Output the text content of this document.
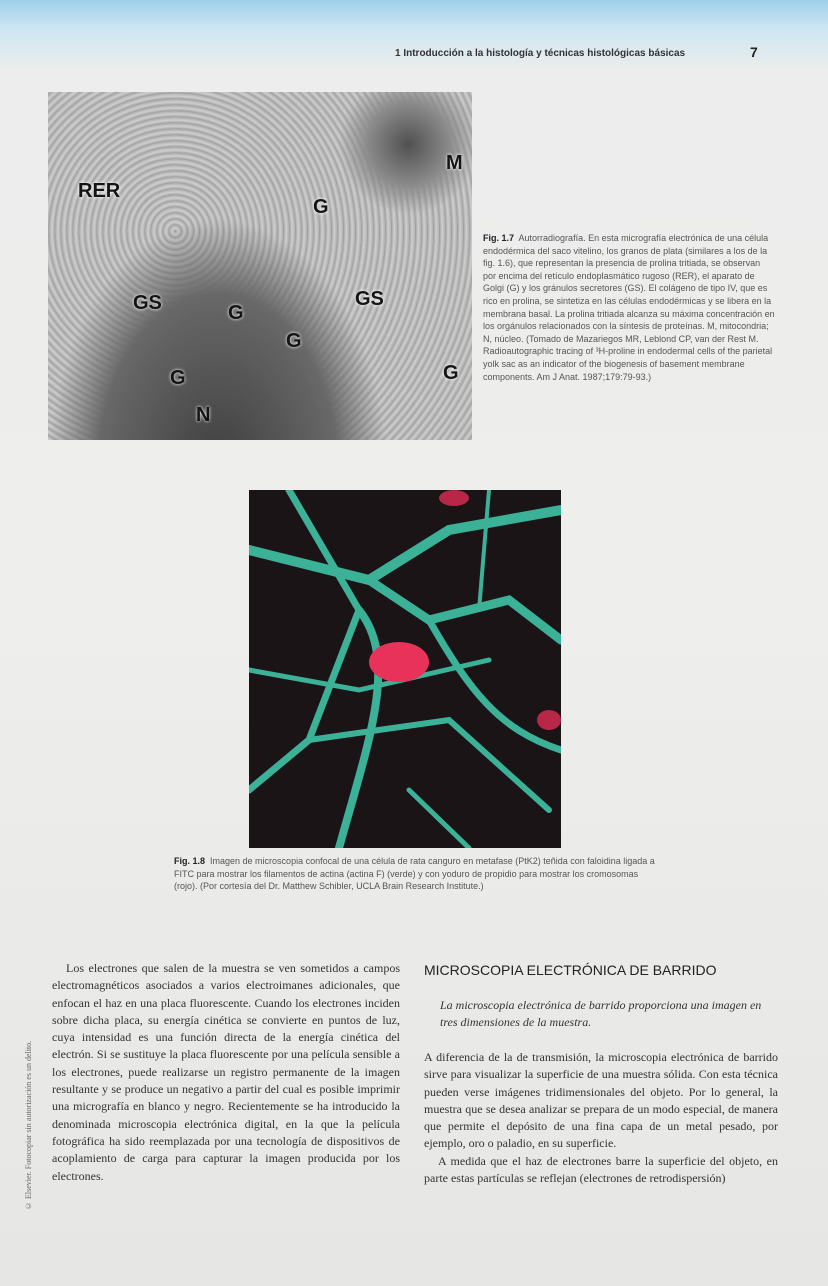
1 Introducción a la histología y técnicas histológicas básicas	7
RER
GS
G
G
GS
G
G
N
M
G
Fig. 1.7 Autorradiografía. En esta micrografía electrónica de una célula endodérmica del saco vitelino, los granos de plata (similares a los de la fig. 1.6), que representan la presencia de prolina tritiada, se observan por encima del retículo endoplasmático rugoso (RER), el aparato de Golgi (G) y los gránulos secretores (GS). El colágeno de tipo IV, que es rico en prolina, se sintetiza en las células endodérmicas y se libera en la membrana basal. La prolina tritiada alcanza su máxima concentración en los orgánulos relacionados con la síntesis de proteínas. M, mitocondria; N, núcleo. (Tomado de Mazariegos MR, Leblond CP, van der Rest M. Radioautographic tracing of ³H-proline in endodermal cells of the parietal yolk sac as an indicator of the biogenesis of basement membrane components. Am J Anat. 1987;179:79-93.)
Fig. 1.8 Imagen de microscopia confocal de una célula de rata canguro en metafase (PtK2) teñida con faloidina ligada a FITC para mostrar los filamentos de actina (actina F) (verde) y con yoduro de propidio para mostrar los cromosomas (rojo). (Por cortesía del Dr. Matthew Schibler, UCLA Brain Research Institute.)
© Elsevier. Fotocopiar sin autorización es un delito.
Los electrones que salen de la muestra se ven sometidos a campos electromagnéticos asociados a varios electroimanes adicionales, que enfocan el haz en una placa fluorescente. Cuando los electrones inciden sobre dicha placa, su energía cinética se convierte en puntos de luz, cuya intensidad es una función directa de la energía cinética del electrón. Si se sustituye la placa fluorescente por una película sensible a los electrones, puede realizarse un registro permanente de la imagen resultante y se produce un negativo a partir del cual es posible imprimir una micrografía en blanco y negro. Recientemente se ha introducido la denominada microscopia electrónica digital, en la que la película fotográfica ha sido reemplazada por una tecnología de dispositivos de acoplamiento de carga para capturar la imagen producida por los electrones.
MICROSCOPIA ELECTRÓNICA DE BARRIDO
La microscopia electrónica de barrido proporciona una imagen en tres dimensiones de la muestra.

A diferencia de la de transmisión, la microscopia electrónica de barrido sirve para visualizar la superficie de una muestra sólida. Con esta técnica pueden verse imágenes tridimensionales del objeto. Por lo general, la muestra que se desea analizar se prepara de un modo especial, de manera que permite el depósito de una fina capa de un metal pesado, por ejemplo, oro o paladio, en su superficie.

A medida que el haz de electrones barre la superficie del objeto, en parte estas partículas se reflejan (electrones de retrodispersión)
